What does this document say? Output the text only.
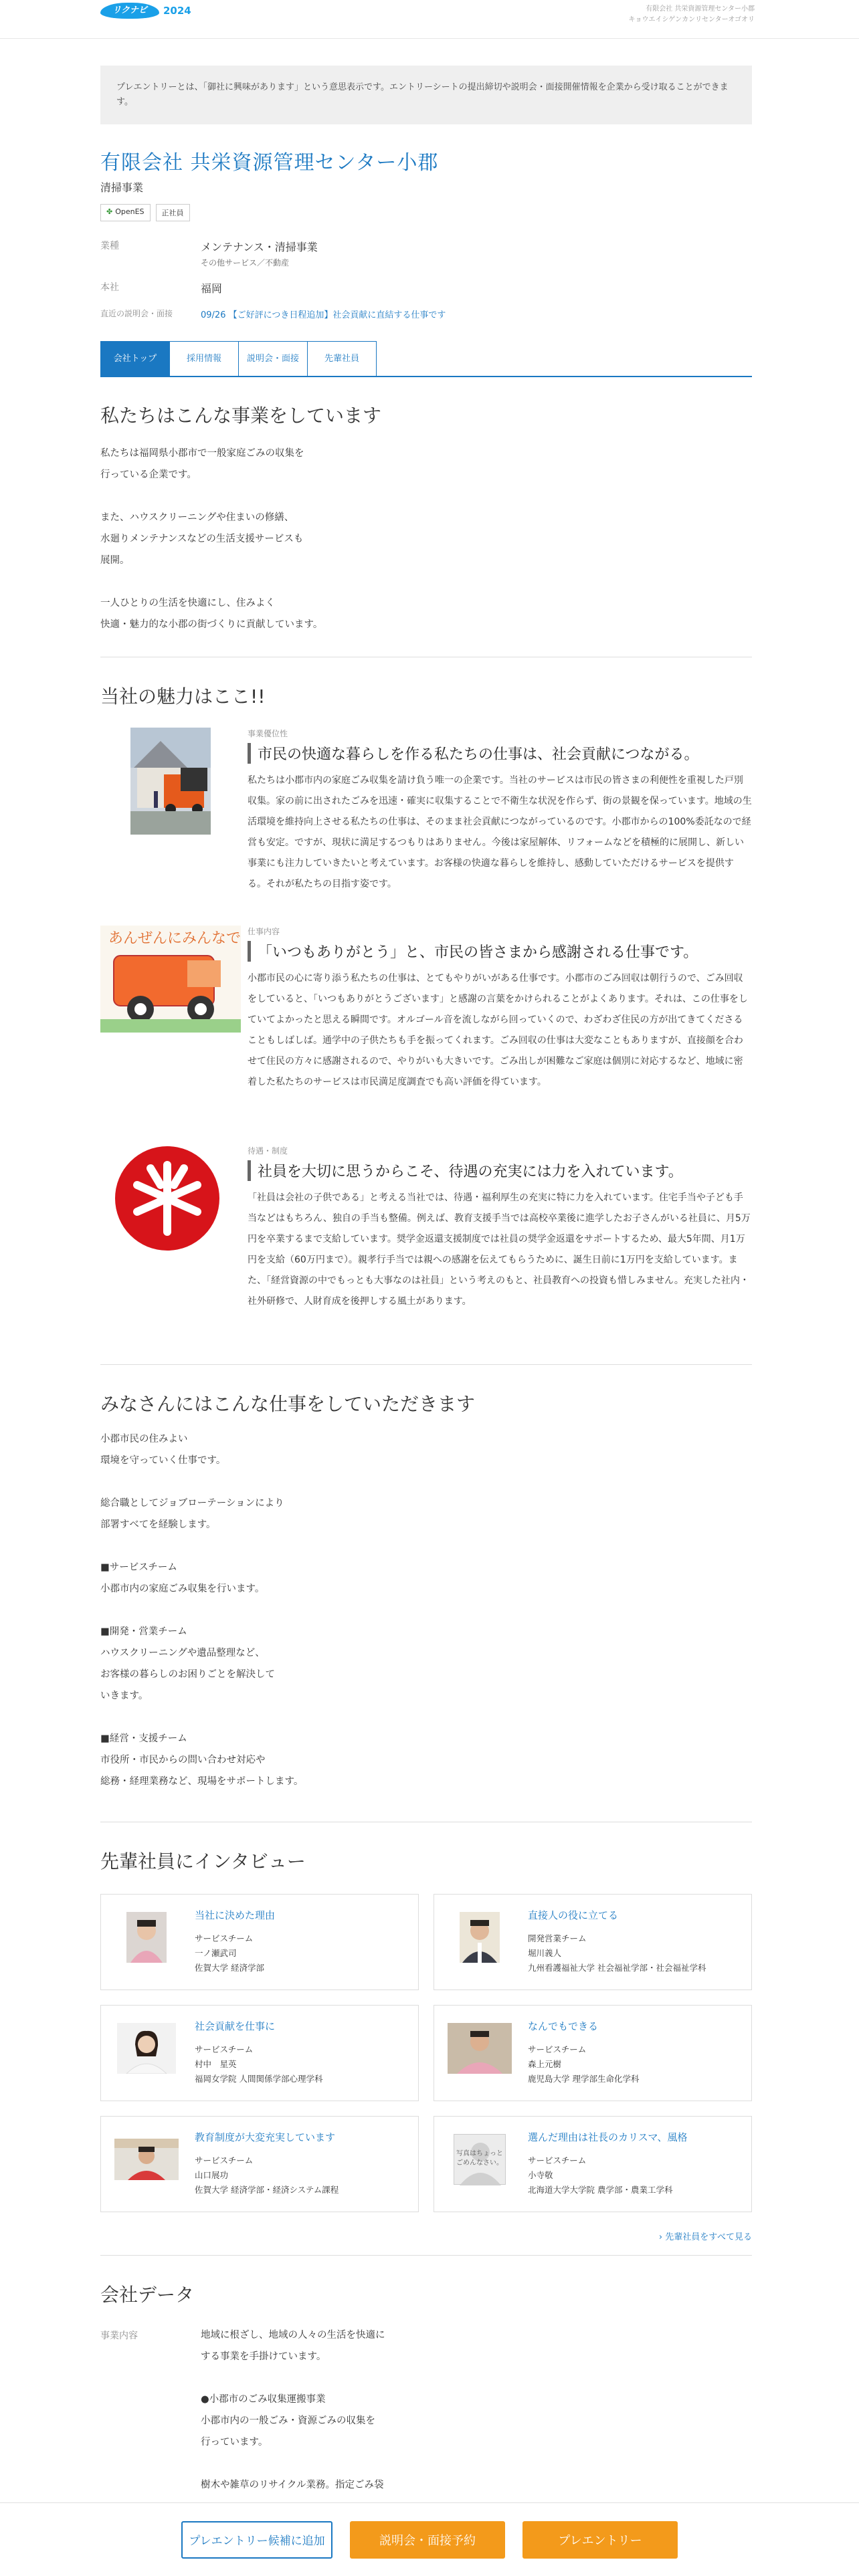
リクナビ	2024	有限会社 共栄資源管理センター小郡
キョウエイシゲンカンリセンターオゴオリ
プレエントリーとは、「御社に興味があります」という意思表示です。エントリーシートの提出締切や説明会・面接開催情報を企業から受け取ることができます。
有限会社 共栄資源管理センター小郡
清掃事業
✤ OpenES	正社員
業種	メンテナンス・清掃事業
その他サービス／不動産
本社	福岡
直近の説明会・面接	09/26 【ご好評につき日程追加】社会貢献に直結する仕事です
会社トップ	採用情報	説明会・面接	先輩社員
私たちはこんな事業をしています
私たちは福岡県小郡市で一般家庭ごみの収集を
行っている企業です。

また、ハウスクリーニングや住まいの修繕、
水廻りメンテナンスなどの生活支援サービスも
展開。

一人ひとりの生活を快適にし、住みよく
快適・魅力的な小郡の街づくりに貢献しています。
当社の魅力はここ!!
事業優位性
市民の快適な暮らしを作る私たちの仕事は、社会貢献につながる。
私たちは小郡市内の家庭ごみ収集を請け負う唯一の企業です。当社のサービスは市民の皆さまの利便性を重視した戸別収集。家の前に出されたごみを迅速・確実に収集することで不衛生な状況を作らず、街の景観を保っています。地域の生活環境を維持向上させる私たちの仕事は、そのまま社会貢献につながっているのです。小郡市からの100%委託なので経営も安定。ですが、現状に満足するつもりはありません。今後は家屋解体、リフォームなどを積極的に展開し、新しい事業にも注力していきたいと考えています。お客様の快適な暮らしを維持し、感動していただけるサービスを提供する。それが私たちの目指す姿です。
あんぜんにみんなで 仕事内容
「いつもありがとう」と、市民の皆さまから感謝される仕事です。
小郡市民の心に寄り添う私たちの仕事は、とてもやりがいがある仕事です。小郡市のごみ回収は朝行うので、ごみ回収をしていると、「いつもありがとうございます」と感謝の言葉をかけられることがよくあります。それは、この仕事をしていてよかったと思える瞬間です。オルゴール音を流しながら回っていくので、わざわざ住民の方が出てきてくださることもしばしば。通学中の子供たちも手を振ってくれます。ごみ回収の仕事は大変なこともありますが、直接顔を合わせて住民の方々に感謝されるので、やりがいも大きいです。ごみ出しが困難なご家庭は個別に対応するなど、地域に密着した私たちのサービスは市民満足度調査でも高い評価を得ています。
待遇・制度
社員を大切に思うからこそ、待遇の充実には力を入れています。
「社員は会社の子供である」と考える当社では、待遇・福利厚生の充実に特に力を入れています。住宅手当や子ども手当などはもちろん、独自の手当も整備。例えば、教育支援手当では高校卒業後に進学したお子さんがいる社員に、月5万円を卒業するまで支給しています。奨学金返還支援制度では社員の奨学金返還をサポートするため、最大5年間、月1万円を支給（60万円まで）。親孝行手当では親への感謝を伝えてもらうために、誕生日前に1万円を支給しています。また、「経営資源の中でもっとも大事なのは社員」という考えのもと、社員教育への投資も惜しみません。充実した社内・社外研修で、人財育成を後押しする風土があります。
みなさんにはこんな仕事をしていただきます
小郡市民の住みよい
環境を守っていく仕事です。

総合職としてジョブローテーションにより
部署すべてを経験します。

■サービスチーム
小郡市内の家庭ごみ収集を行います。

■開発・営業チーム
ハウスクリーニングや遺品整理など、
お客様の暮らしのお困りごとを解決して
いきます。

■経営・支援チーム
市役所・市民からの問い合わせ対応や
総務・経理業務など、現場をサポートします。
先輩社員にインタビュー
当社に決めた理由
サービスチーム
一ノ瀬武司
佐賀大学 経済学部
直接人の役に立てる
開発営業チーム
堀川義人
九州看護福祉大学 社会福祉学部・社会福祉学科
社会貢献を仕事に
サービスチーム
村中　星英
福岡女学院 人間関係学部心理学科
なんでもできる
サービスチーム
森上元樹
鹿児島大学 理学部生命化学科
教育制度が大変充実しています
サービスチーム
山口展功
佐賀大学 経済学部・経済システム課程
写真はちょっと
ごめんなさい。
選んだ理由は社長のカリスマ、風格
サービスチーム
小寺敬
北海道大学大学院 農学部・農業工学科
› 先輩社員をすべて見る
会社データ
事業内容	地域に根ざし、地域の人々の生活を快適に
する事業を手掛けています。

●小郡市のごみ収集運搬事業
小郡市内の一般ごみ・資源ごみの収集を
行っています。

樹木や雑草のリサイクル業務。指定ごみ袋
プレエントリー候補に追加	説明会・面接予約	プレエントリー
